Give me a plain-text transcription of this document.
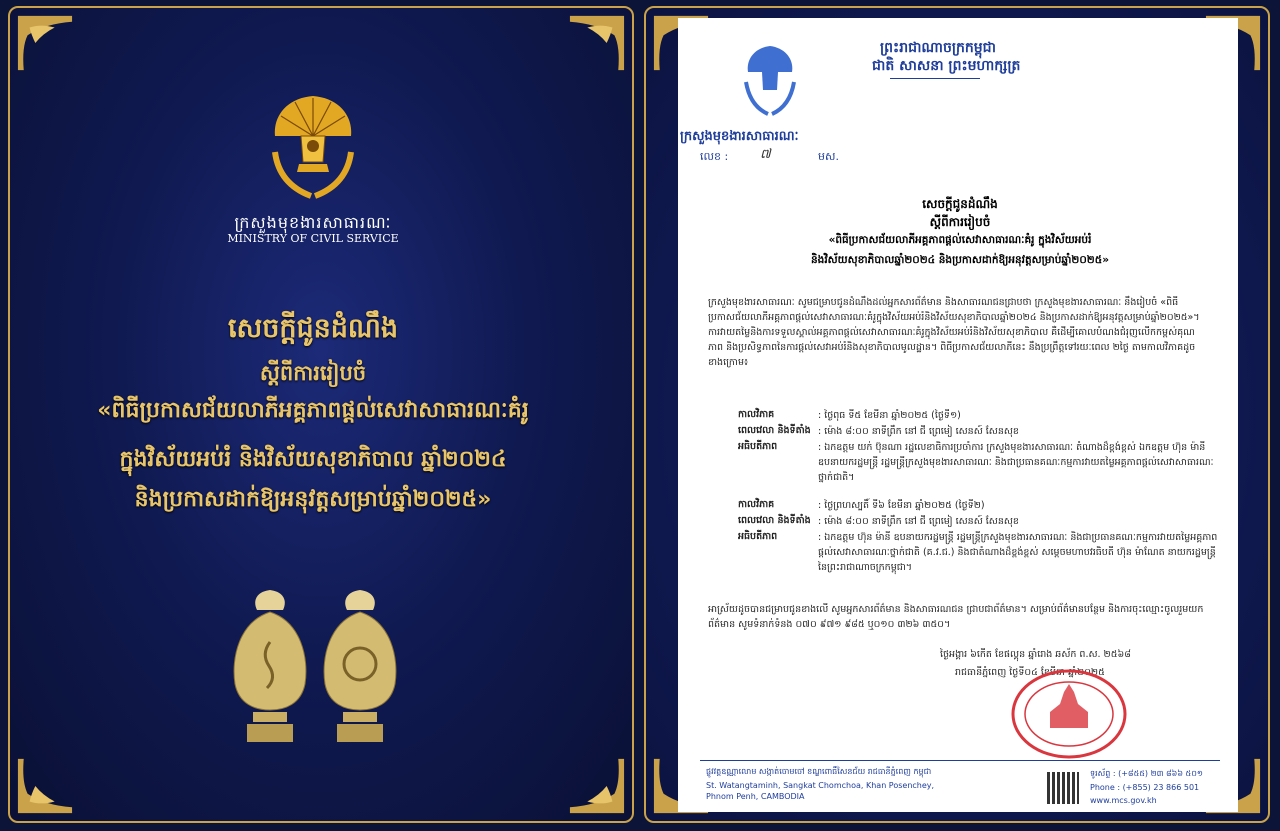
ក្រសួងមុខងារសាធារណៈ
MINISTRY OF CIVIL SERVICE
សេចក្តីជូនដំណឹង
ស្តីពីការរៀបចំ
«ពិធីប្រកាសជ័យលាភីអគ្គភាពផ្តល់សេវាសាធារណៈគំរូ
ក្នុងវិស័យអប់រំ និងវិស័យសុខាភិបាល ឆ្នាំ២០២៤
និងប្រកាសដាក់ឱ្យអនុវត្តសម្រាប់ឆ្នាំ២០២៥»
ព្រះរាជាណាចក្រកម្ពុជា
ជាតិ សាសនា ព្រះមហាក្សត្រ
ក្រសួងមុខងារសាធារណៈ
លេខ : ៧	មស.
សេចក្តីជូនដំណឹង
ស្តីពីការរៀបចំ
«ពិធីប្រកាសជ័យលាភីអគ្គភាពផ្តល់សេវាសាធារណៈគំរូ ក្នុងវិស័យអប់រំ
និងវិស័យសុខាភិបាលឆ្នាំ២០២៤ និងប្រកាសដាក់ឱ្យអនុវត្តសម្រាប់ឆ្នាំ២០២៥»
ក្រសួងមុខងារសាធារណៈ សូមជម្រាបជូនដំណឹងដល់អ្នកសារព័ត៌មាន និងសាធារណជនជ្រាបថា ក្រសួងមុខងារសាធារណៈ នឹងរៀបចំ «ពិធីប្រកាសជ័យលាភីអគ្គភាពផ្តល់សេវាសាធារណៈគំរូក្នុងវិស័យអប់រំនិងវិស័យសុខាភិបាលឆ្នាំ២០២៤ និងប្រកាសដាក់ឱ្យអនុវត្តសម្រាប់ឆ្នាំ២០២៥»។ ការវាយតម្លៃនិងការទទួលស្គាល់អគ្គភាពផ្តល់សេវាសាធារណៈគំរូក្នុងវិស័យអប់រំនិងវិស័យសុខាភិបាល គឺដើម្បីគោលបំណងជំរុញលើកកម្ពស់គុណភាព និងប្រសិទ្ធភាពនៃការផ្តល់សេវាអប់រំនិងសុខាភិបាលមូលដ្ឋាន។ ពិធីប្រកាសជ័យលាភីនេះ នឹងប្រព្រឹត្តទៅរយៈពេល ២ថ្ងៃ តាមកាលវិភាគដូចខាងក្រោម៖
កាលវិភាគ	: ថ្ងៃពុធ ទី៥ ខែមីនា ឆ្នាំ២០២៥ (ថ្ងៃទី១)
ពេលវេលា និងទីតាំង : ម៉ោង ៨:០០ នាទីព្រឹក នៅ ជី ព្រេមៀ សេនស៍ សែនសុខ
អធិបតីភាព	: ឯកឧត្តម យក់ ប៊ុនណា រដ្ឋលេខាធិការប្រចាំការ ក្រសួងមុខងារសាធារណៈ តំណាងដ៏ខ្ពង់ខ្ពស់ ឯកឧត្តម ហ៊ុន ម៉ានី ឧបនាយករដ្ឋមន្ត្រី រដ្ឋមន្ត្រីក្រសួងមុខងារសាធារណៈ និងជាប្រធានគណៈកម្មការវាយតម្លៃអគ្គភាពផ្តល់សេវាសាធារណៈថ្នាក់ជាតិ។
កាលវិភាគ	: ថ្ងៃព្រហស្បតិ៍ ទី៦ ខែមីនា ឆ្នាំ២០២៥ (ថ្ងៃទី២)
ពេលវេលា និងទីតាំង : ម៉ោង ៨:០០ នាទីព្រឹក នៅ ជី ព្រេមៀ សេនស៍ សែនសុខ
អធិបតីភាព	: ឯកឧត្តម ហ៊ុន ម៉ានី ឧបនាយករដ្ឋមន្ត្រី រដ្ឋមន្ត្រីក្រសួងមុខងារសាធារណៈ និងជាប្រធានគណៈកម្មការវាយតម្លៃអគ្គភាពផ្តល់សេវាសាធារណៈថ្នាក់ជាតិ (គ.វ.ជ.) និងជាតំណាងដ៏ខ្ពង់ខ្ពស់ សម្តេចមហាបវរធិបតី ហ៊ុន ម៉ាណែត នាយករដ្ឋមន្ត្រី នៃព្រះរាជាណាចក្រកម្ពុជា។
អាស្រ័យដូចបានជម្រាបជូនខាងលើ សូមអ្នកសារព័ត៌មាន និងសាធារណជន ជ្រាបជាព័ត៌មាន។ សម្រាប់ព័ត៌មានបន្ថែម និងការចុះឈ្មោះចូលរួមយកព័ត៌មាន សូមទំនាក់ទំនង ០៧០ ៩៧១ ៩៨៥ ឬ០១០ ៣២៦ ៣៥០។
ថ្ងៃអង្គារ ៦កើត ខែផល្គុន ឆ្នាំរោង ឆស័ក ព.ស. ២៥៦៨
រាជធានីភ្នំពេញ ថ្ងៃទី០៤ ខែមីនា ឆ្នាំ២០២៥
ផ្លូវវត្តឧណ្ណាលោម សង្កាត់ចោមចៅ ខណ្ឌពោធិ៍សែនជ័យ រាជធានីភ្នំពេញ កម្ពុជា
St. Watangtaminh, Sangkat Chomchoa, Khan Posenchey,
Phnom Penh, CAMBODIA
ទូរស័ព្ទ : (+៨៥៥) ២៣ ៨៦៦ ៥០១
Phone : (+855) 23 866 501
www.mcs.gov.kh
